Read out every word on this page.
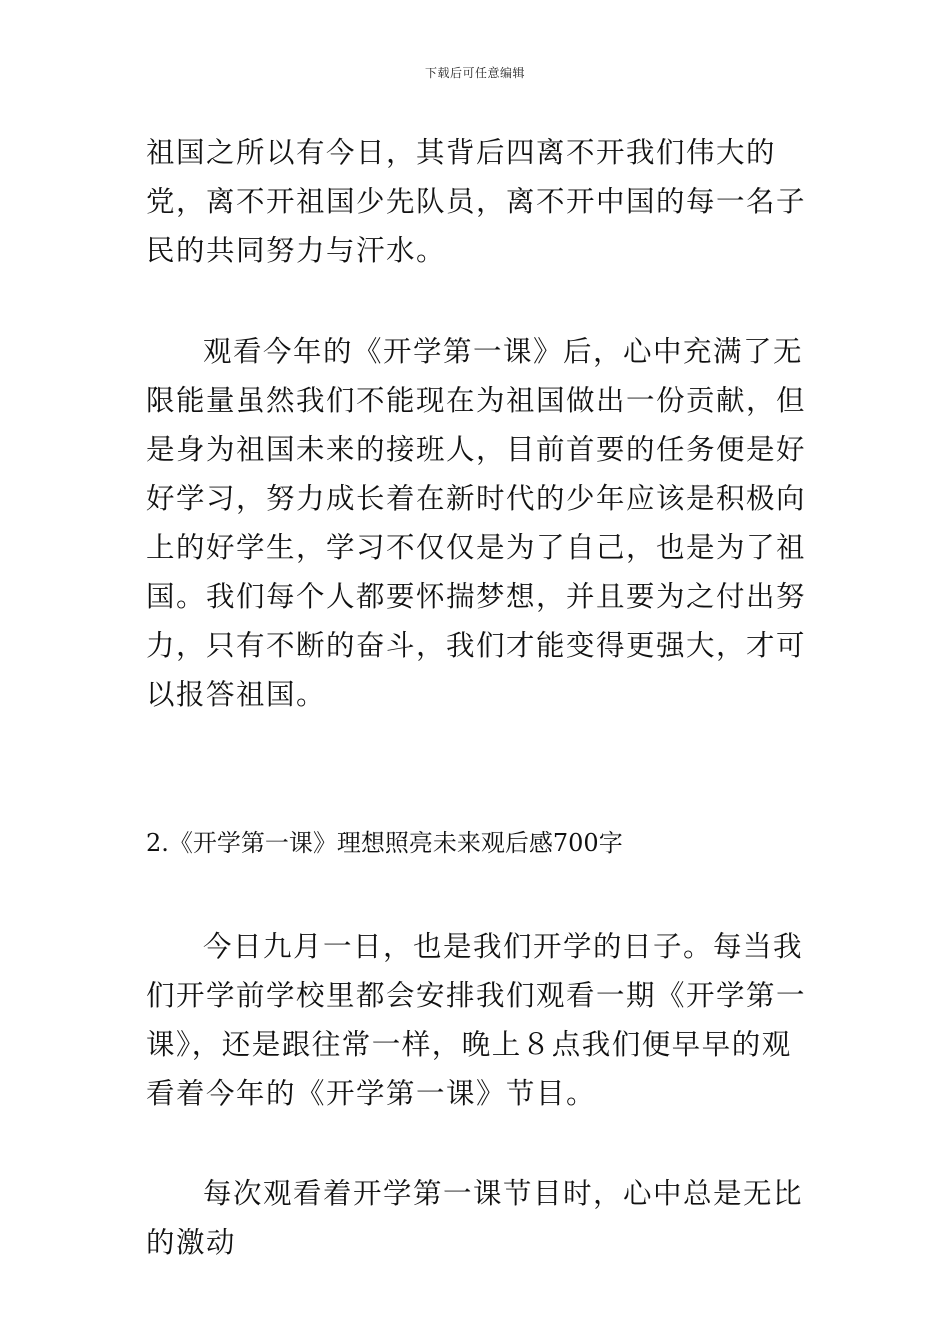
下载后可任意编辑

祖国之所以有今日，其背后四离不开我们伟大的党，离不开祖国少先队员，离不开中国的每一名子民的共同努力与汗水。

观看今年的《开学第一课》后，心中充满了无限能量虽然我们不能现在为祖国做出一份贡献，但是身为祖国未来的接班人，目前首要的任务便是好好学习，努力成长着在新时代的少年应该是积极向上的好学生，学习不仅仅是为了自己，也是为了祖国。我们每个人都要怀揣梦想，并且要为之付出努力，只有不断的奋斗，我们才能变得更强大，才可以报答祖国。

2.《开学第一课》理想照亮未来观后感700字

今日九月一日，也是我们开学的日子。每当我们开学前学校里都会安排我们观看一期《开学第一课》，还是跟往常一样，晚上８点我们便早早的观看着今年的《开学第一课》节目。

每次观看着开学第一课节目时，心中总是无比的激动
